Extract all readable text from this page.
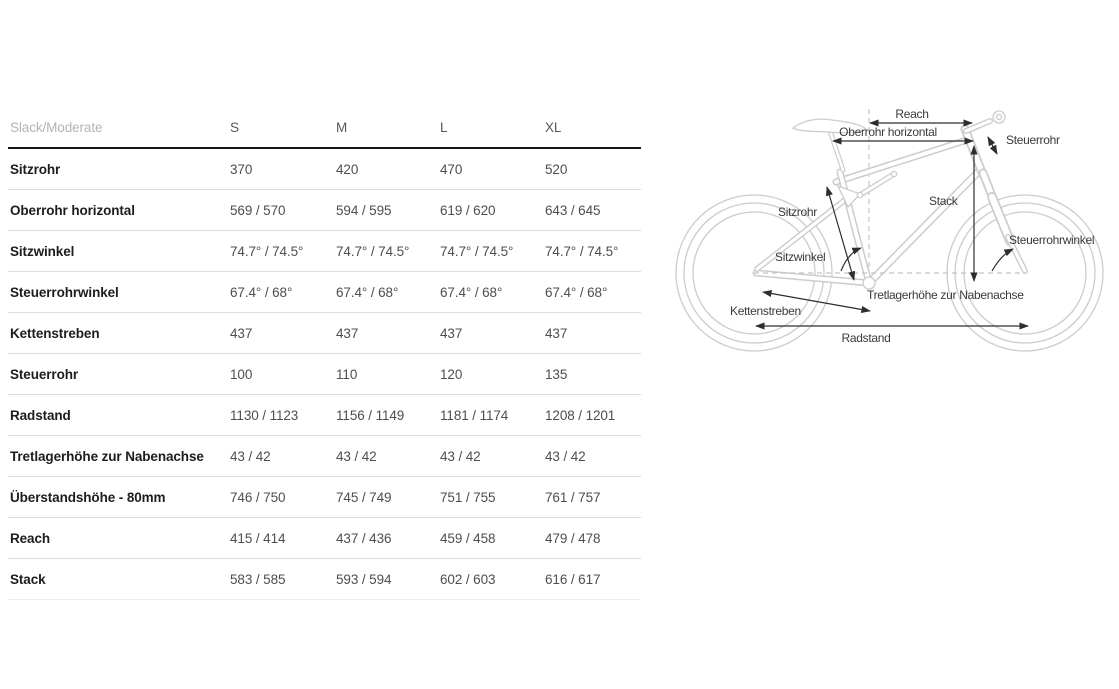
Slack/Moderate	S	M	L	XL
Sitzrohr	370	420	470	520
Oberrohr horizontal	569 / 570	594 / 595	619 / 620	643 / 645
Sitzwinkel	74.7° / 74.5°	74.7° / 74.5°	74.7° / 74.5°	74.7° / 74.5°
Steuerrohrwinkel	67.4° / 68°	67.4° / 68°	67.4° / 68°	67.4° / 68°
Kettenstreben	437	437	437	437
Steuerrohr	100	110	120	135
Radstand	1130 / 1123	1156 / 1149	1181 / 1174	1208 / 1201
Tretlagerhöhe zur Nabenachse	43 / 42	43 / 42	43 / 42	43 / 42
Überstandshöhe - 80mm	746 / 750	745 / 749	751 / 755	761 / 757
Reach	415 / 414	437 / 436	459 / 458	479 / 478
Stack	583 / 585	593 / 594	602 / 603	616 / 617
Reach
Oberrohr horizontal
Steuerrohr
Stack
Sitzrohr
Sitzwinkel
Steuerrohrwinkel
Tretlagerhöhe zur Nabenachse
Kettenstreben
Radstand
